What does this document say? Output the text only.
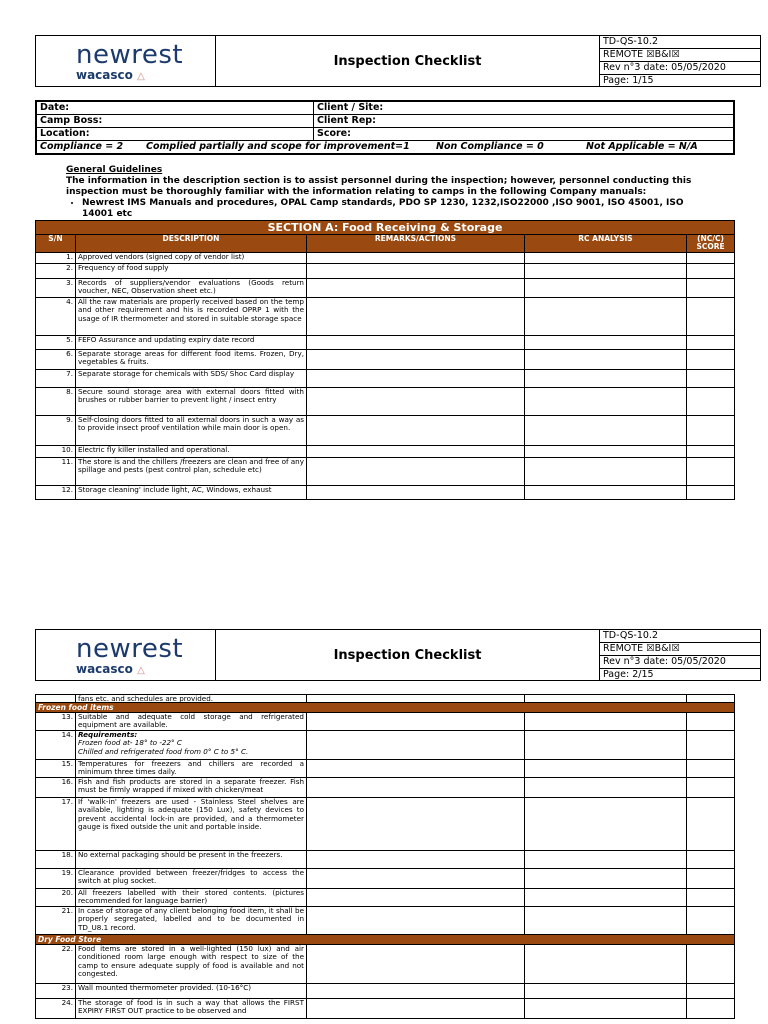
newrest
wacasco △
Inspection Checklist
TD-QS-10.2
REMOTE ☒B&I☒
Rev n°3 date: 05/05/2020
Page: 1/15
Date:	Client / Site:
Camp Boss:	Client Rep:
Location:	Score:
Compliance = 2	Complied partially and scope for improvement=1	Non Compliance = 0	Not Applicable = N/A
General Guidelines
The information in the description section is to assist personnel during the inspection; however, personnel conducting this inspection must be thoroughly familiar with the information relating to camps in the following Company manuals:
• Newrest IMS Manuals and procedures, OPAL Camp standards, PDO SP 1230, 1232,ISO22000 ,ISO 9001, ISO 45001, ISO 14001 etc
SECTION A: Food Receiving & Storage				
S/N	DESCRIPTION	REMARKS/ACTIONS	RC ANALYSIS	(NC/C) SCORE
1.	Approved vendors (signed copy of vendor list)			
2.	Frequency of food supply			
3.	Records of suppliers/vendor evaluations (Goods return voucher, NEC, Observation sheet etc.)			
4.	All the raw materials are properly received based on the temp and other requirement and his is recorded OPRP 1 with the usage of IR thermometer and stored in suitable storage space			
5.	FEFO Assurance and updating expiry date record			
6.	Separate storage areas for different food items. Frozen, Dry, vegetables & fruits.			
7.	Separate storage for chemicals with SDS/ Shoc Card display			
8.	Secure sound storage area with external doors fitted with brushes or rubber barrier to prevent light / insect entry			
9.	Self-closing doors fitted to all external doors in such a way as to provide insect proof ventilation while main door is open.			
10.	Electric fly killer installed and operational.			
11.	The store is and the chillers /freezers are clean and free of any spillage and pests (pest control plan, schedule etc)			
12.	Storage cleaning' include light, AC, Windows, exhaust			
newrest
wacasco △
Inspection Checklist
TD-QS-10.2
REMOTE ☒B&I☒
Rev n°3 date: 05/05/2020
Page: 2/15
	fans etc. and schedules are provided.			
Frozen food items				
13.	Suitable and adequate cold storage and refrigerated equipment are available.			
14.	Requirements:
Frozen food at- 18° to -22° C
Chilled and refrigerated food from 0° C to 5° C.			

15.	Temperatures for freezers and chillers are recorded a minimum three times daily.			
16.	Fish and fish products are stored in a separate freezer. Fish must be firmly wrapped if mixed with chicken/meat			
17.	If 'walk-in' freezers are used - Stainless Steel shelves are available, lighting is adequate (150 Lux), safety devices to prevent accidental lock-in are provided, and a thermometer gauge is fixed outside the unit and portable inside.			
18.	No external packaging should be present in the freezers.			
19.	Clearance provided between freezer/fridges to access the switch at plug socket.			
20.	All freezers labelled with their stored contents. (pictures recommended for language barrier)			
21.	In case of storage of any client belonging food item, it shall be properly segregated, labelled and to be documented in TD_U8.1 record.			
Dry Food Store				
22.	Food items are stored in a well-lighted (150 lux) and air conditioned room large enough with respect to size of the camp to ensure adequate supply of food is available and not congested.			
23.	Wall mounted thermometer provided. (10-16°C)			
24.	The storage of food is in such a way that allows the FIRST EXPIRY FIRST OUT practice to be observed and			
